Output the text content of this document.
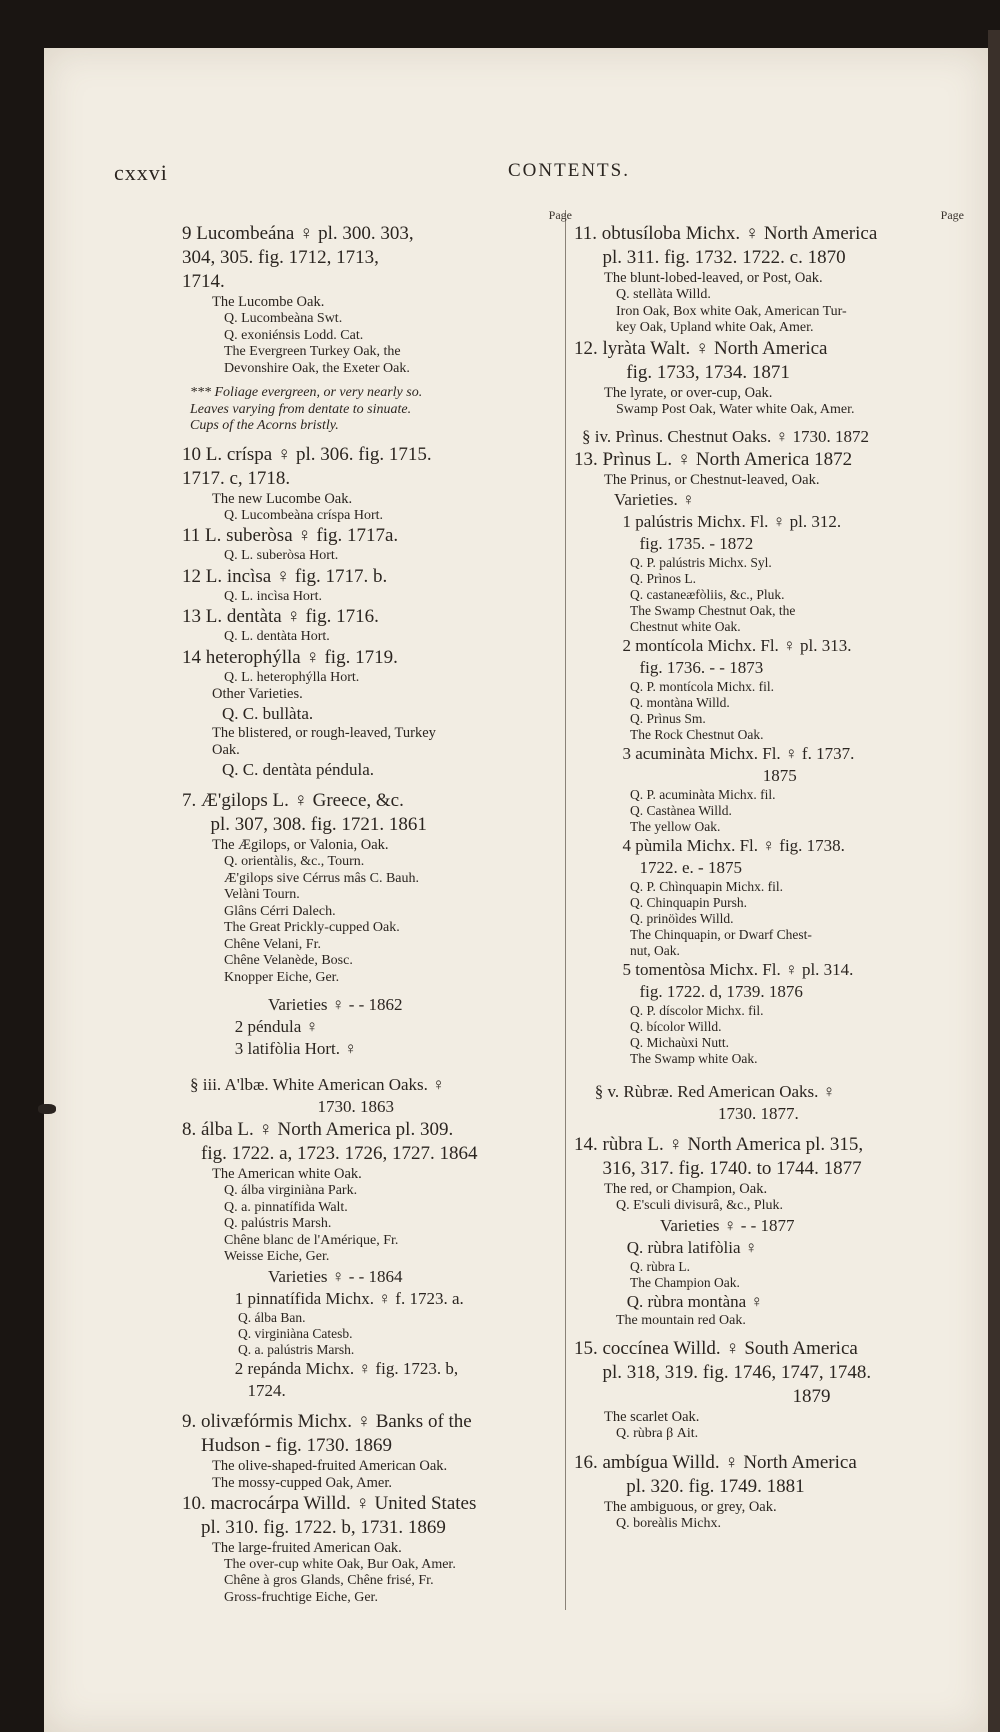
cxxvi	CONTENTS.
Page
9 Lucombeána ♀ pl. 300. 303,
304, 305. fig. 1712, 1713,
1714.
The Lucombe Oak.
Q. Lucombeàna Swt.
Q. exoniénsis Lodd. Cat.
The Evergreen Turkey Oak, the
Devonshire Oak, the Exeter Oak.
*** Foliage evergreen, or very nearly so.
Leaves varying from dentate to sinuate.
Cups of the Acorns bristly.
10 L. críspa ♀ pl. 306. fig. 1715.
1717. c, 1718.
The new Lucombe Oak.
Q. Lucombeàna críspa Hort.
11 L. suberòsa ♀ fig. 1717a.
Q. L. suberòsa Hort.
12 L. incìsa ♀ fig. 1717. b.
Q. L. incìsa Hort.
13 L. dentàta ♀ fig. 1716.
Q. L. dentàta Hort.
14 heterophýlla ♀ fig. 1719.
Q. L. heterophýlla Hort.
Other Varieties.
Q. C. bullàta.
The blistered, or rough-leaved, Turkey
Oak.
Q. C. dentàta péndula.
7. Æ'gilops L. ♀ Greece, &c.
pl. 307, 308. fig. 1721. 1861
The Ægilops, or Valonia, Oak.
Q. orientàlis, &c., Tourn.
Æ'gilops sive Cérrus mâs C. Bauh.
Velàni Tourn.
Glâns Cérri Dalech.
The Great Prickly-cupped Oak.
Chêne Velani, Fr.
Chêne Velanède, Bosc.
Knopper Eiche, Ger.
Varieties ♀ - - 1862
2 péndula ♀
3 latifòlia Hort. ♀
§ iii. A'lbæ. White American Oaks. ♀
1730. 1863
8. álba L. ♀ North America pl. 309.
fig. 1722. a, 1723. 1726, 1727. 1864
The American white Oak.
Q. álba virginiàna Park.
Q. a. pinnatífida Walt.
Q. palústris Marsh.
Chêne blanc de l'Amérique, Fr.
Weisse Eiche, Ger.
Varieties ♀ - - 1864
1 pinnatífida Michx. ♀ f. 1723. a.
Q. álba Ban.
Q. virginiàna Catesb.
Q. a. palústris Marsh.
2 repánda Michx. ♀ fig. 1723. b,
1724.
9. olivæfórmis Michx. ♀ Banks of the
Hudson - fig. 1730. 1869
The olive-shaped-fruited American Oak.
The mossy-cupped Oak, Amer.
10. macrocárpa Willd. ♀ United States
pl. 310. fig. 1722. b, 1731. 1869
The large-fruited American Oak.
The over-cup white Oak, Bur Oak, Amer.
Chêne à gros Glands, Chêne frisé, Fr.
Gross-fruchtige Eiche, Ger.
Page
11. obtusíloba Michx. ♀ North America
pl. 311. fig. 1732. 1722. c. 1870
The blunt-lobed-leaved, or Post, Oak.
Q. stellàta Willd.
Iron Oak, Box white Oak, American Tur-
key Oak, Upland white Oak, Amer.
12. lyràta Walt. ♀ North America
fig. 1733, 1734. 1871
The lyrate, or over-cup, Oak.
Swamp Post Oak, Water white Oak, Amer.
§ iv. Prìnus. Chestnut Oaks. ♀ 1730. 1872
13. Prìnus L. ♀ North America 1872
The Prinus, or Chestnut-leaved, Oak.
Varieties. ♀
1 palústris Michx. Fl. ♀ pl. 312.
fig. 1735. - 1872
Q. P. palústris Michx. Syl.
Q. Prìnos L.
Q. castaneæfòliis, &c., Pluk.
The Swamp Chestnut Oak, the
Chestnut white Oak.
2 montícola Michx. Fl. ♀ pl. 313.
fig. 1736. - - 1873
Q. P. montícola Michx. fil.
Q. montàna Willd.
Q. Prìnus Sm.
The Rock Chestnut Oak.
3 acuminàta Michx. Fl. ♀ f. 1737.
1875
Q. P. acuminàta Michx. fil.
Q. Castànea Willd.
The yellow Oak.
4 pùmila Michx. Fl. ♀ fig. 1738.
1722. e. - 1875
Q. P. Chìnquapin Michx. fil.
Q. Chinquapin Pursh.
Q. prinöìdes Willd.
The Chinquapin, or Dwarf Chest-
nut, Oak.
5 tomentòsa Michx. Fl. ♀ pl. 314.
fig. 1722. d, 1739. 1876
Q. P. díscolor Michx. fil.
Q. bícolor Willd.
Q. Michaùxi Nutt.
The Swamp white Oak.
§ v. Rùbræ. Red American Oaks. ♀
1730. 1877.
14. rùbra L. ♀ North America pl. 315,
316, 317. fig. 1740. to 1744. 1877
The red, or Champion, Oak.
Q. E'sculi divisurâ, &c., Pluk.
Varieties ♀ - - 1877
Q. rùbra latifòlia ♀
Q. rùbra L.
The Champion Oak.
Q. rùbra montàna ♀
The mountain red Oak.
15. coccínea Willd. ♀ South America
pl. 318, 319. fig. 1746, 1747, 1748.
1879
The scarlet Oak.
Q. rùbra β Ait.
16. ambígua Willd. ♀ North America
pl. 320. fig. 1749. 1881
The ambiguous, or grey, Oak.
Q. boreàlis Michx.
